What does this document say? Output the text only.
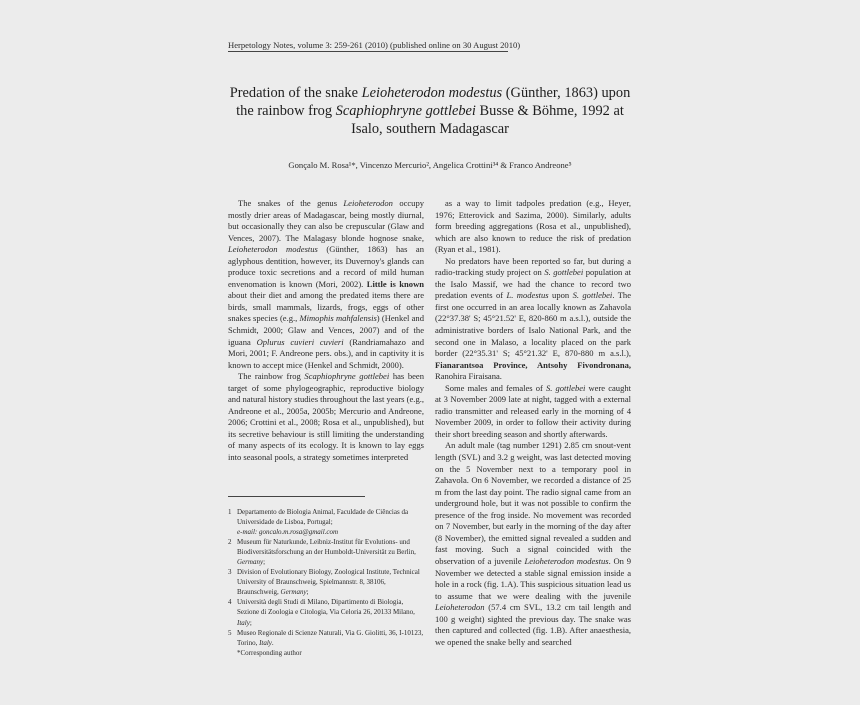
Herpetology Notes, volume 3: 259-261 (2010) (published online on 30 August 2010)
Predation of the snake Leioheterodon modestus (Günther, 1863) upon the rainbow frog Scaphiophryne gottlebei Busse & Böhme, 1992 at Isalo, southern Madagascar
Gonçalo M. Rosa¹*, Vincenzo Mercurio², Angelica Crottini³⁴ & Franco Andreone⁵

The snakes of the genus Leioheterodon occupy mostly drier areas of Madagascar, being mostly diurnal, but occasionally they can also be crepuscular (Glaw and Vences, 2007). The Malagasy blonde hognose snake, Leioheterodon modestus (Günther, 1863) has an aglyphous dentition, however, its Duvernoy's glands can produce toxic secretions and a record of mild human envenomation is known (Mori, 2002). Little is known about their diet and among the predated items there are birds, small mammals, lizards, frogs, eggs of other snakes species (e.g., Mimophis mahfalensis) (Henkel and Schmidt, 2000; Glaw and Vences, 2007) and of the iguana Oplurus cuvieri cuvieri (Randriamahazo and Mori, 2001; F. Andreone pers. obs.), and in captivity it is known to accept mice (Henkel and Schmidt, 2000).

The rainbow frog Scaphiophryne gottlebei has been target of some phylogeographic, reproductive biology and natural history studies throughout the last years (e.g., Andreone et al., 2005a, 2005b; Mercurio and Andreone, 2006; Crottini et al., 2008; Rosa et al., unpublished), but its secretive behaviour is still limiting the understanding of many aspects of its ecology. It is known to lay eggs into seasonal pools, a strategy sometimes interpreted

as a way to limit tadpoles predation (e.g., Heyer, 1976; Etterovick and Sazima, 2000). Similarly, adults form breeding aggregations (Rosa et al., unpublished), which are also known to reduce the risk of predation (Ryan et al., 1981).

No predators have been reported so far, but during a radio-tracking study project on S. gottlebei population at the Isalo Massif, we had the chance to record two predation events of L. modestus upon S. gottlebei. The first one occurred in an area locally known as Zahavola (22°37.38' S; 45°21.52' E, 820-860 m a.s.l.), outside the administrative borders of Isalo National Park, and the second one in Malaso, a locality placed on the park border (22°35.31' S; 45°21.32' E, 870-880 m a.s.l.), Fianarantsoa Province, Antsohy Fivondronana, Ranohira Firaisana.

Some males and females of S. gottlebei were caught at 3 November 2009 late at night, tagged with a external radio transmitter and released early in the morning of 4 November 2009, in order to follow their activity during their short breeding season and shortly afterwards.

An adult male (tag number 1291) 2.85 cm snout-vent length (SVL) and 3.2 g weight, was last detected moving on the 5 November next to a temporary pool in Zahavola. On 6 November, we recorded a distance of 25 m from the last day point. The radio signal came from an underground hole, but it was not possible to confirm the presence of the frog inside. No movement was recorded on 7 November, but early in the morning of the day after (8 November), the emitted signal revealed a sudden and fast moving. Such a signal coincided with the observation of a juvenile Leioheterodon modestus. On 9 November we detected a stable signal emission inside a hole in a rock (fig. 1.A). This suspicious situation lead us to assume that we were dealing with the juvenile Leioheterodon (57.4 cm SVL, 13.2 cm tail length and 100 g weight) sighted the previous day. The snake was then captured and collected (fig. 1.B). After anaesthesia, we opened the snake belly and searched

1 Departamento de Biologia Animal, Faculdade de Ciências da Universidade de Lisboa, Portugal;
e-mail: goncalo.m.rosa@gmail.com
2 Museum für Naturkunde, Leibniz-Institut für Evolutions- und Biodiversitätsforschung an der Humboldt-Universität zu Berlin, Germany;
3 Division of Evolutionary Biology, Zoological Institute, Technical University of Braunschweig, Spielmannstr. 8, 38106, Braunschweig, Germany;
4 Università degli Studi di Milano, Dipartimento di Biologia, Sezione di Zoologia e Citologia, Via Celoria 26, 20133 Milano, Italy;
5 Museo Regionale di Scienze Naturali, Via G. Giolitti, 36, I-10123, Torino, Italy.
*Corresponding author
